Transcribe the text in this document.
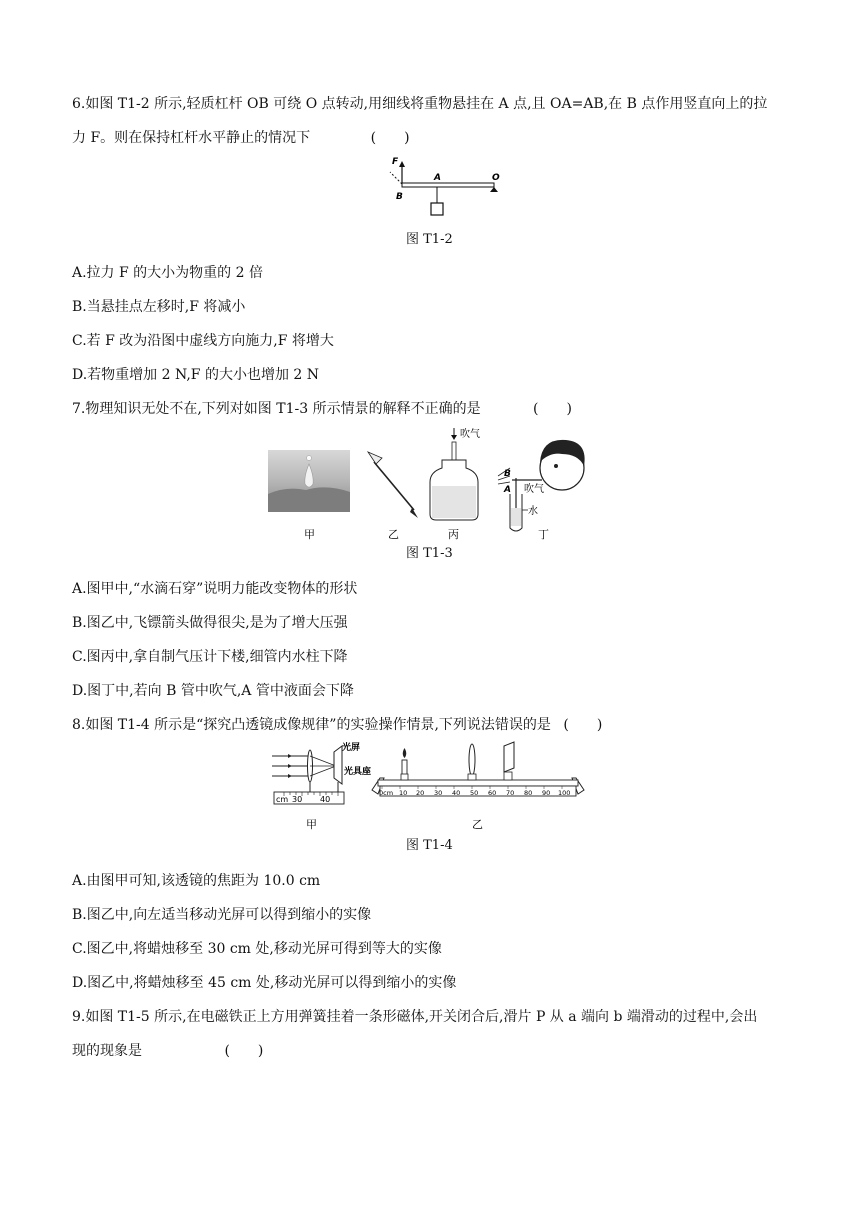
6.如图 T1-2 所示,轻质杠杆 OB 可绕 O 点转动,用细线将重物悬挂在 A 点,且 OA=AB,在 B 点作用竖直向上的拉
力 F。则在保持杠杆水平静止的情况下	(　　)
F
A	O
B
图 T1-2
A.拉力 F 的大小为物重的 2 倍
B.当悬挂点左移时,F 将减小
C.若 F 改为沿图中虚线方向施力,F 将增大
D.若物重增加 2 N,F 的大小也增加 2 N
7.物理知识无处不在,下列对如图 T1-3 所示情景的解释不正确的是	(　　)
甲	乙
吹气
丙
B
A 吹气
水
丁
图 T1-3
A.图甲中,“水滴石穿”说明力能改变物体的形状
B.图乙中,飞镖箭头做得很尖,是为了增大压强
C.图丙中,拿自制气压计下楼,细管内水柱下降
D.图丁中,若向 B 管中吹气,A 管中液面会下降
8.如图 T1-4 所示是“探究凸透镜成像规律”的实验操作情景,下列说法错误的是 (　　)
光屏
光具座
cm 30 40
甲
0cm 10 20 30 40 50 60 70 80 90 100
乙
图 T1-4
A.由图甲可知,该透镜的焦距为 10.0 cm
B.图乙中,向左适当移动光屏可以得到缩小的实像
C.图乙中,将蜡烛移至 30 cm 处,移动光屏可得到等大的实像
D.图乙中,将蜡烛移至 45 cm 处,移动光屏可以得到缩小的实像
9.如图 T1-5 所示,在电磁铁正上方用弹簧挂着一条形磁体,开关闭合后,滑片 P 从 a 端向 b 端滑动的过程中,会出
现的现象是	(　　)
